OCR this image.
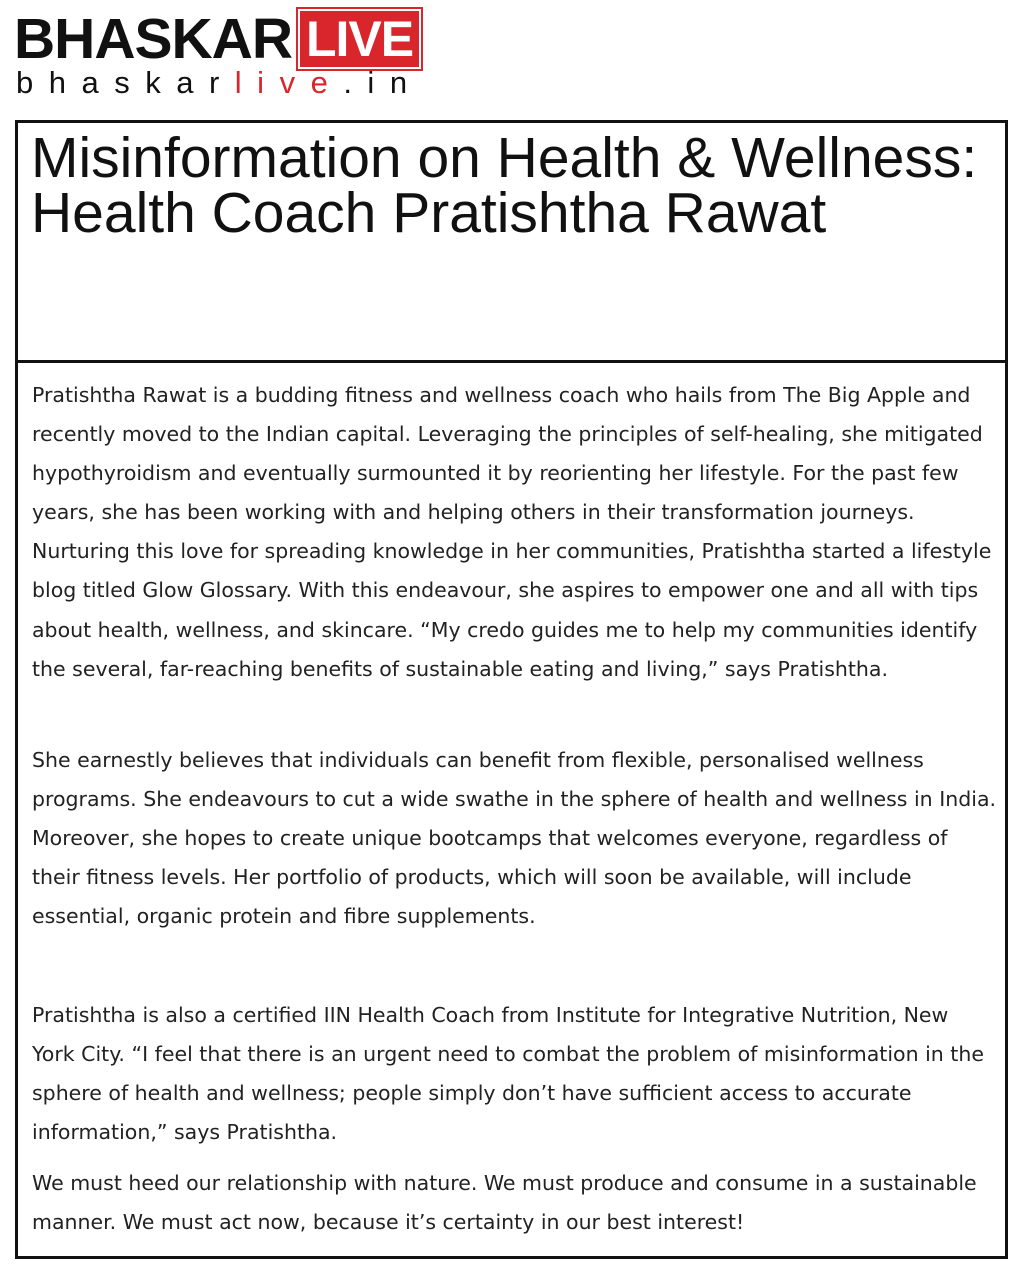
BHASKAR LIVE
bhaskarlive.in
Misinformation on Health & Wellness: Health Coach Pratishtha Rawat

Pratishtha Rawat is a budding fitness and wellness coach who hails from The Big Apple and recently moved to the Indian capital. Leveraging the principles of self-healing, she mitigated hypothyroidism and eventually surmounted it by reorienting her lifestyle. For the past few years, she has been working with and helping others in their transformation journeys. Nurturing this love for spreading knowledge in her communities, Pratishtha started a lifestyle blog titled Glow Glossary. With this endeavour, she aspires to empower one and all with tips about health, wellness, and skincare. “My credo guides me to help my communities identify the several, far-reaching benefits of sustainable eating and living,” says Pratishtha.

She earnestly believes that individuals can benefit from flexible, personalised wellness programs. She endeavours to cut a wide swathe in the sphere of health and wellness in India. Moreover, she hopes to create unique bootcamps that welcomes everyone, regardless of their fitness levels. Her portfolio of products, which will soon be available, will include essential, organic protein and fibre supplements.

Pratishtha is also a certified IIN Health Coach from Institute for Integrative Nutrition, New York City. “I feel that there is an urgent need to combat the problem of misinformation in the sphere of health and wellness; people simply don’t have sufficient access to accurate information,” says Pratishtha.

We must heed our relationship with nature. We must produce and consume in a sustainable manner. We must act now, because it’s certainty in our best interest!
